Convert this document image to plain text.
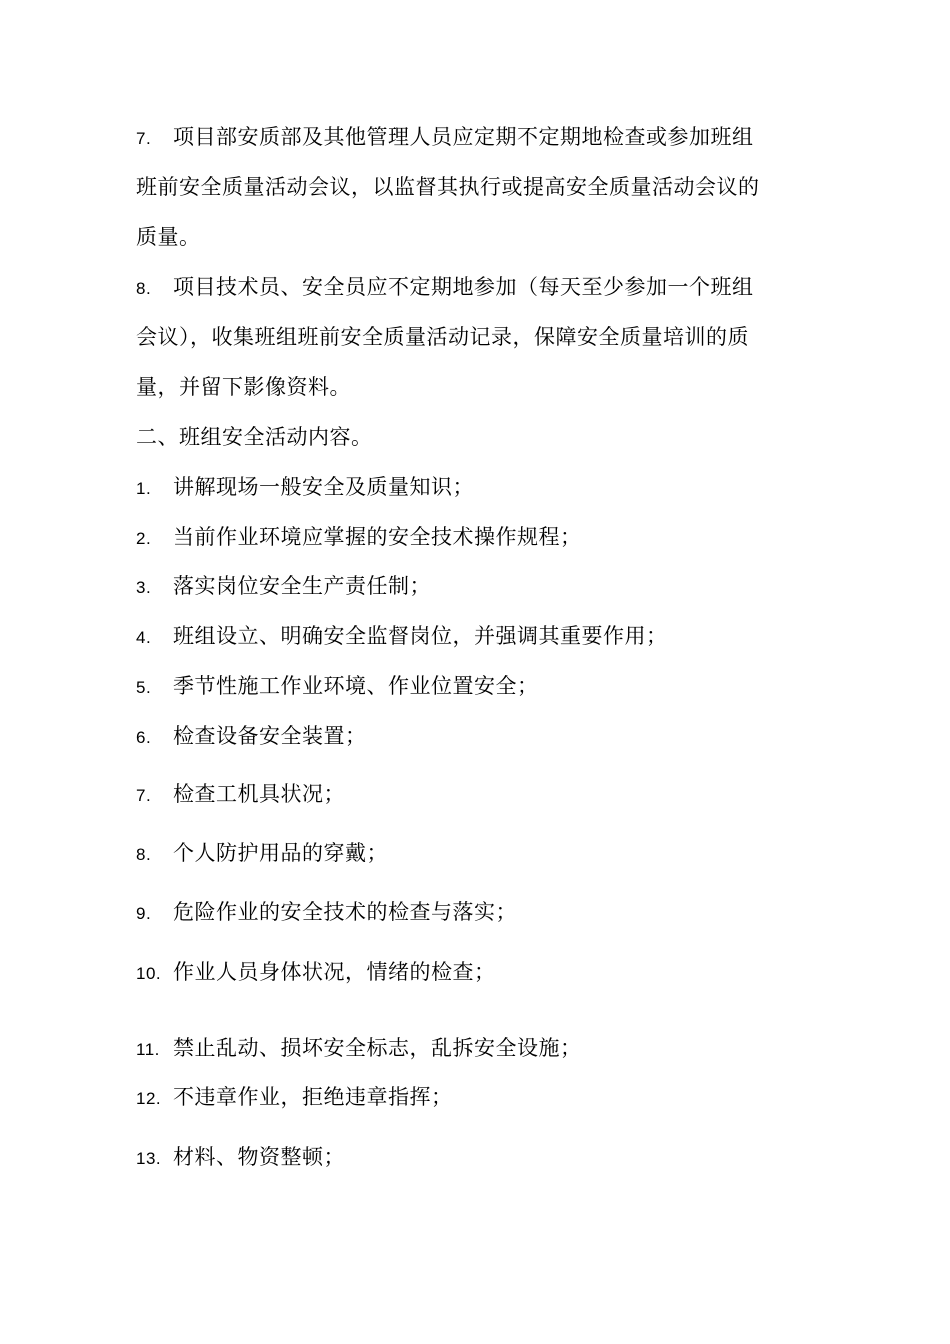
7. 项目部安质部及其他管理人员应定期不定期地检查或参加班组
班前安全质量活动会议，以监督其执行或提高安全质量活动会议的
质量。
8. 项目技术员、安全员应不定期地参加（每天至少参加一个班组
会议），收集班组班前安全质量活动记录，保障安全质量培训的质
量，并留下影像资料。
二、班组安全活动内容。
1. 讲解现场一般安全及质量知识；
2. 当前作业环境应掌握的安全技术操作规程；
3. 落实岗位安全生产责任制；
4. 班组设立、明确安全监督岗位，并强调其重要作用；
5. 季节性施工作业环境、作业位置安全；
6. 检查设备安全装置；
7. 检查工机具状况；
8. 个人防护用品的穿戴；
9. 危险作业的安全技术的检查与落实；
10. 作业人员身体状况，情绪的检查；
11. 禁止乱动、损坏安全标志，乱拆安全设施；
12. 不违章作业，拒绝违章指挥；
13. 材料、物资整顿；
